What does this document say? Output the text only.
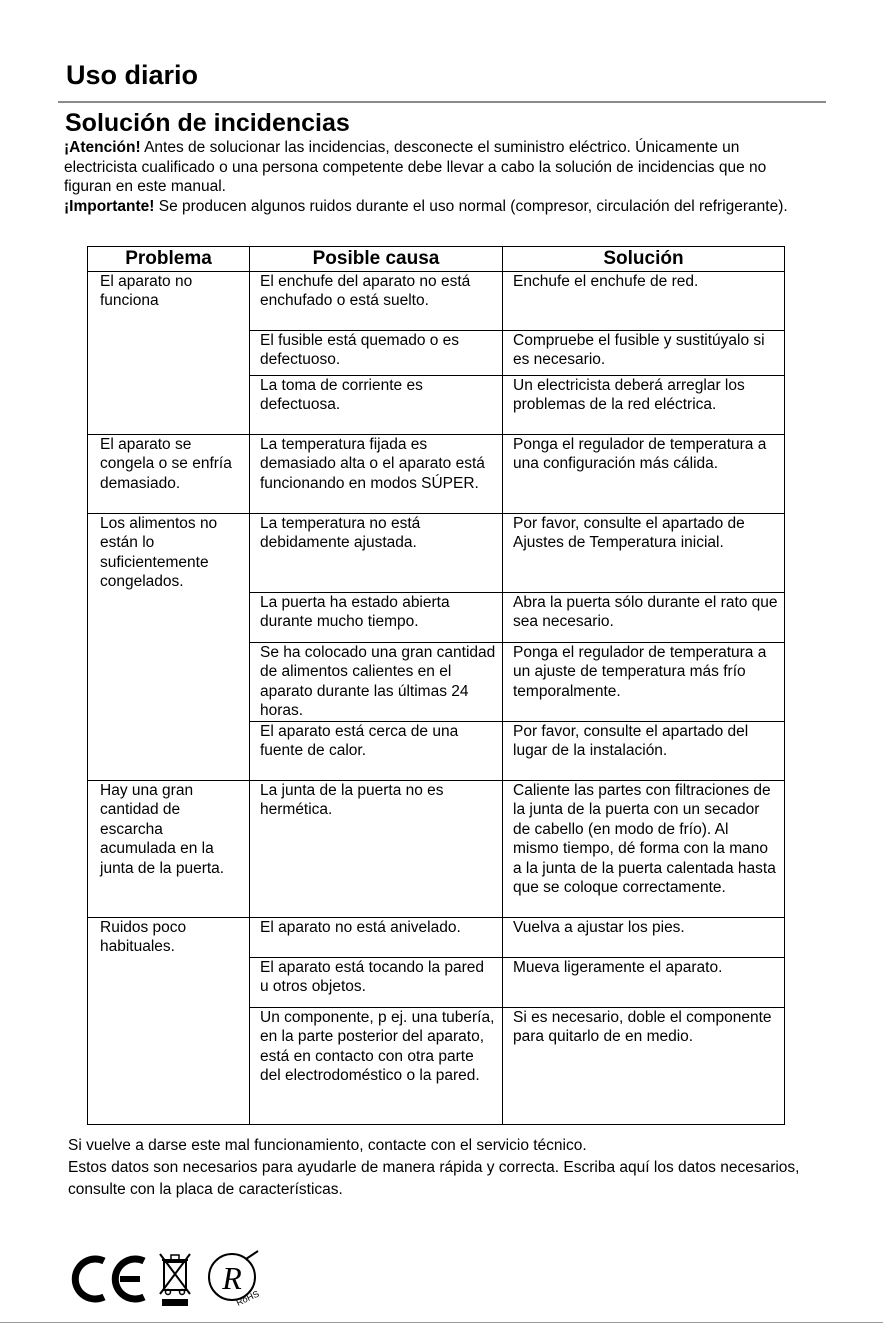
Uso diario
Solución de incidencias

¡Atención! Antes de solucionar las incidencias, desconecte el suministro eléctrico. Únicamente un electricista cualificado o una persona competente debe llevar a cabo la solución de incidencias que no figuran en este manual.

¡Importante! Se producen algunos ruidos durante el uso normal (compresor, circulación del refrigerante).

Problema	Posible causa	Solución
El aparato no funciona	El enchufe del aparato no está enchufado o está suelto.	Enchufe el enchufe de red.
	El fusible está quemado o es defectuoso.	Compruebe el fusible y sustitúyalo si es necesario.
	La toma de corriente es defectuosa.	Un electricista deberá arreglar los problemas de la red eléctrica.
El aparato se congela o se enfría demasiado.	La temperatura fijada es demasiado alta o el aparato está funcionando en modos SÚPER.	Ponga el regulador de temperatura a una configuración más cálida.
Los alimentos no están lo suficientemente congelados.	La temperatura no está debidamente ajustada.	Por favor, consulte el apartado de Ajustes de Temperatura inicial.
	La puerta ha estado abierta durante mucho tiempo.	Abra la puerta sólo durante el rato que sea necesario.
	Se ha colocado una gran cantidad de alimentos calientes en el aparato durante las últimas 24 horas.	Ponga el regulador de temperatura a un ajuste de temperatura más frío temporalmente.
	El aparato está cerca de una fuente de calor.	Por favor, consulte el apartado del lugar de la instalación.
Hay una gran cantidad de escarcha acumulada en la junta de la puerta.	La junta de la puerta no es hermética.	Caliente las partes con filtraciones de la junta de la puerta con un secador de cabello (en modo de frío). Al mismo tiempo, dé forma con la mano a la junta de la puerta calentada hasta que se coloque correctamente.
Ruidos poco habituales.	El aparato no está anivelado.	Vuelva a ajustar los pies.
	El aparato está tocando la pared u otros objetos.	Mueva ligeramente el aparato.
	Un componente, p ej. una tubería, en la parte posterior del aparato, está en contacto con otra parte del electrodoméstico o la pared.	Si es necesario, doble el componente para quitarlo de en medio.

Si vuelve a darse este mal funcionamiento, contacte con el servicio técnico.

Estos datos son necesarios para ayudarle de manera rápida y correcta. Escriba aquí los datos necesarios, consulte con la placa de características.

R
RoHS
